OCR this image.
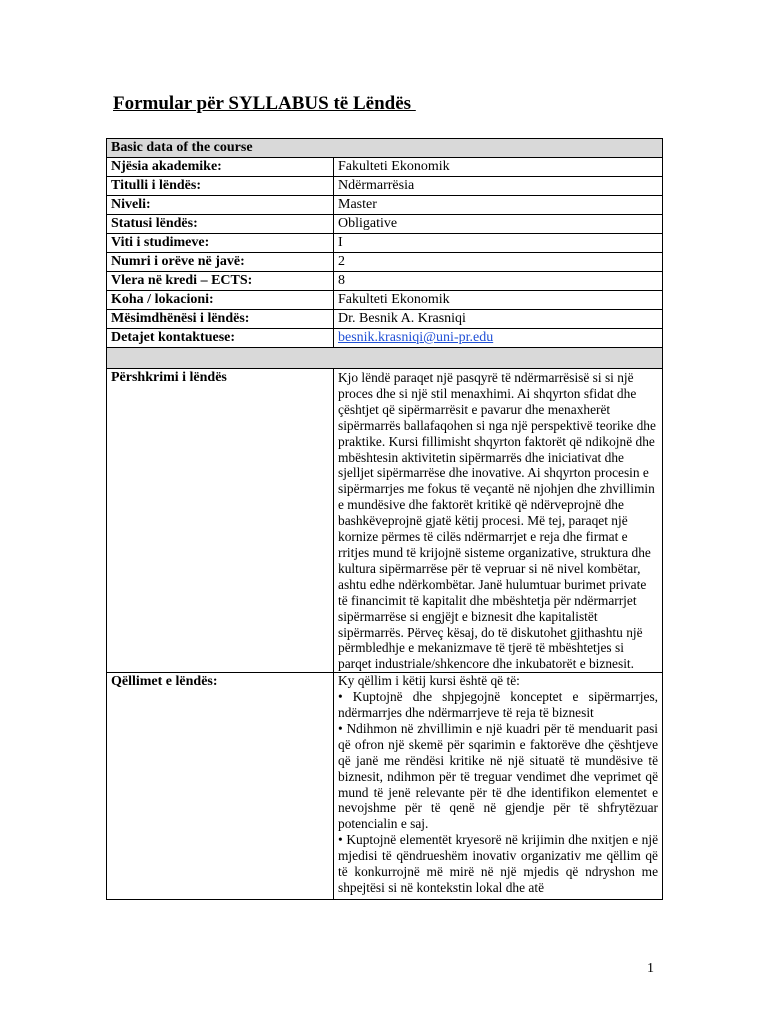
Formular për SYLLABUS të Lëndës
Basic data of the course	
Njësia akademike:	Fakulteti Ekonomik
Titulli i lëndës:	Ndërmarrësia
Niveli:	Master
Statusi lëndës:	Obligative
Viti i studimeve:	I
Numri i orëve në javë:	2
Vlera në kredi – ECTS:	8
Koha / lokacioni:	Fakulteti Ekonomik
Mësimdhënësi i lëndës:	Dr. Besnik A. Krasniqi
Detajet kontaktuese:	besnik.krasniqi@uni-pr.edu

Përshkrimi i lëndës	Kjo lëndë paraqet një pasqyrë të ndërmarrësisë si si një proces dhe si një stil menaxhimi. Ai shqyrton sfidat dhe çështjet që sipërmarrësit e pavarur dhe menaxherët sipërmarrës ballafaqohen si nga një perspektivë teorike dhe praktike. Kursi fillimisht shqyrton faktorët që ndikojnë dhe mbështesin aktivitetin sipërmarrës dhe iniciativat dhe sjelljet sipërmarrëse dhe inovative. Ai shqyrton procesin e sipërmarrjes me fokus të veçantë në njohjen dhe zhvillimin e mundësive dhe faktorët kritikë që ndërveprojnë dhe bashkëveprojnë gjatë këtij procesi. Më tej, paraqet një kornize përmes të cilës ndërmarrjet e reja dhe firmat e rritjes mund të krijojnë sisteme organizative, struktura dhe kultura sipërmarrëse për të vepruar si në nivel kombëtar, ashtu edhe ndërkombëtar. Janë hulumtuar burimet private të financimit të kapitalit dhe mbështetja për ndërmarrjet sipërmarrëse si engjëjt e biznesit dhe kapitalistët sipërmarrës. Përveç kësaj, do të diskutohet gjithashtu një përmbledhje e mekanizmave të tjerë të mbështetjes si parqet industriale/shkencore dhe inkubatorët e biznesit.
Qëllimet e lëndës:	Ky qëllim i këtij kursi është që të:
• Kuptojnë dhe shpjegojnë konceptet e sipërmarrjes, ndërmarrjes dhe ndërmarrjeve të reja të biznesit
• Ndihmon në zhvillimin e një kuadri për të menduarit pasi që ofron një skemë për sqarimin e faktorëve dhe çështjeve që janë me rëndësi kritike në një situatë të mundësive të biznesit, ndihmon për të treguar vendimet dhe veprimet që mund të jenë relevante për të dhe identifikon elementet e nevojshme për të qenë në gjendje për të shfrytëzuar potencialin e saj.
• Kuptojnë elementët kryesorë në krijimin dhe nxitjen e një mjedisi të qëndrueshëm inovativ organizativ me qëllim që të konkurrojnë më mirë në një mjedis që ndryshon me shpejtësi si në kontekstin lokal dhe atë
1
